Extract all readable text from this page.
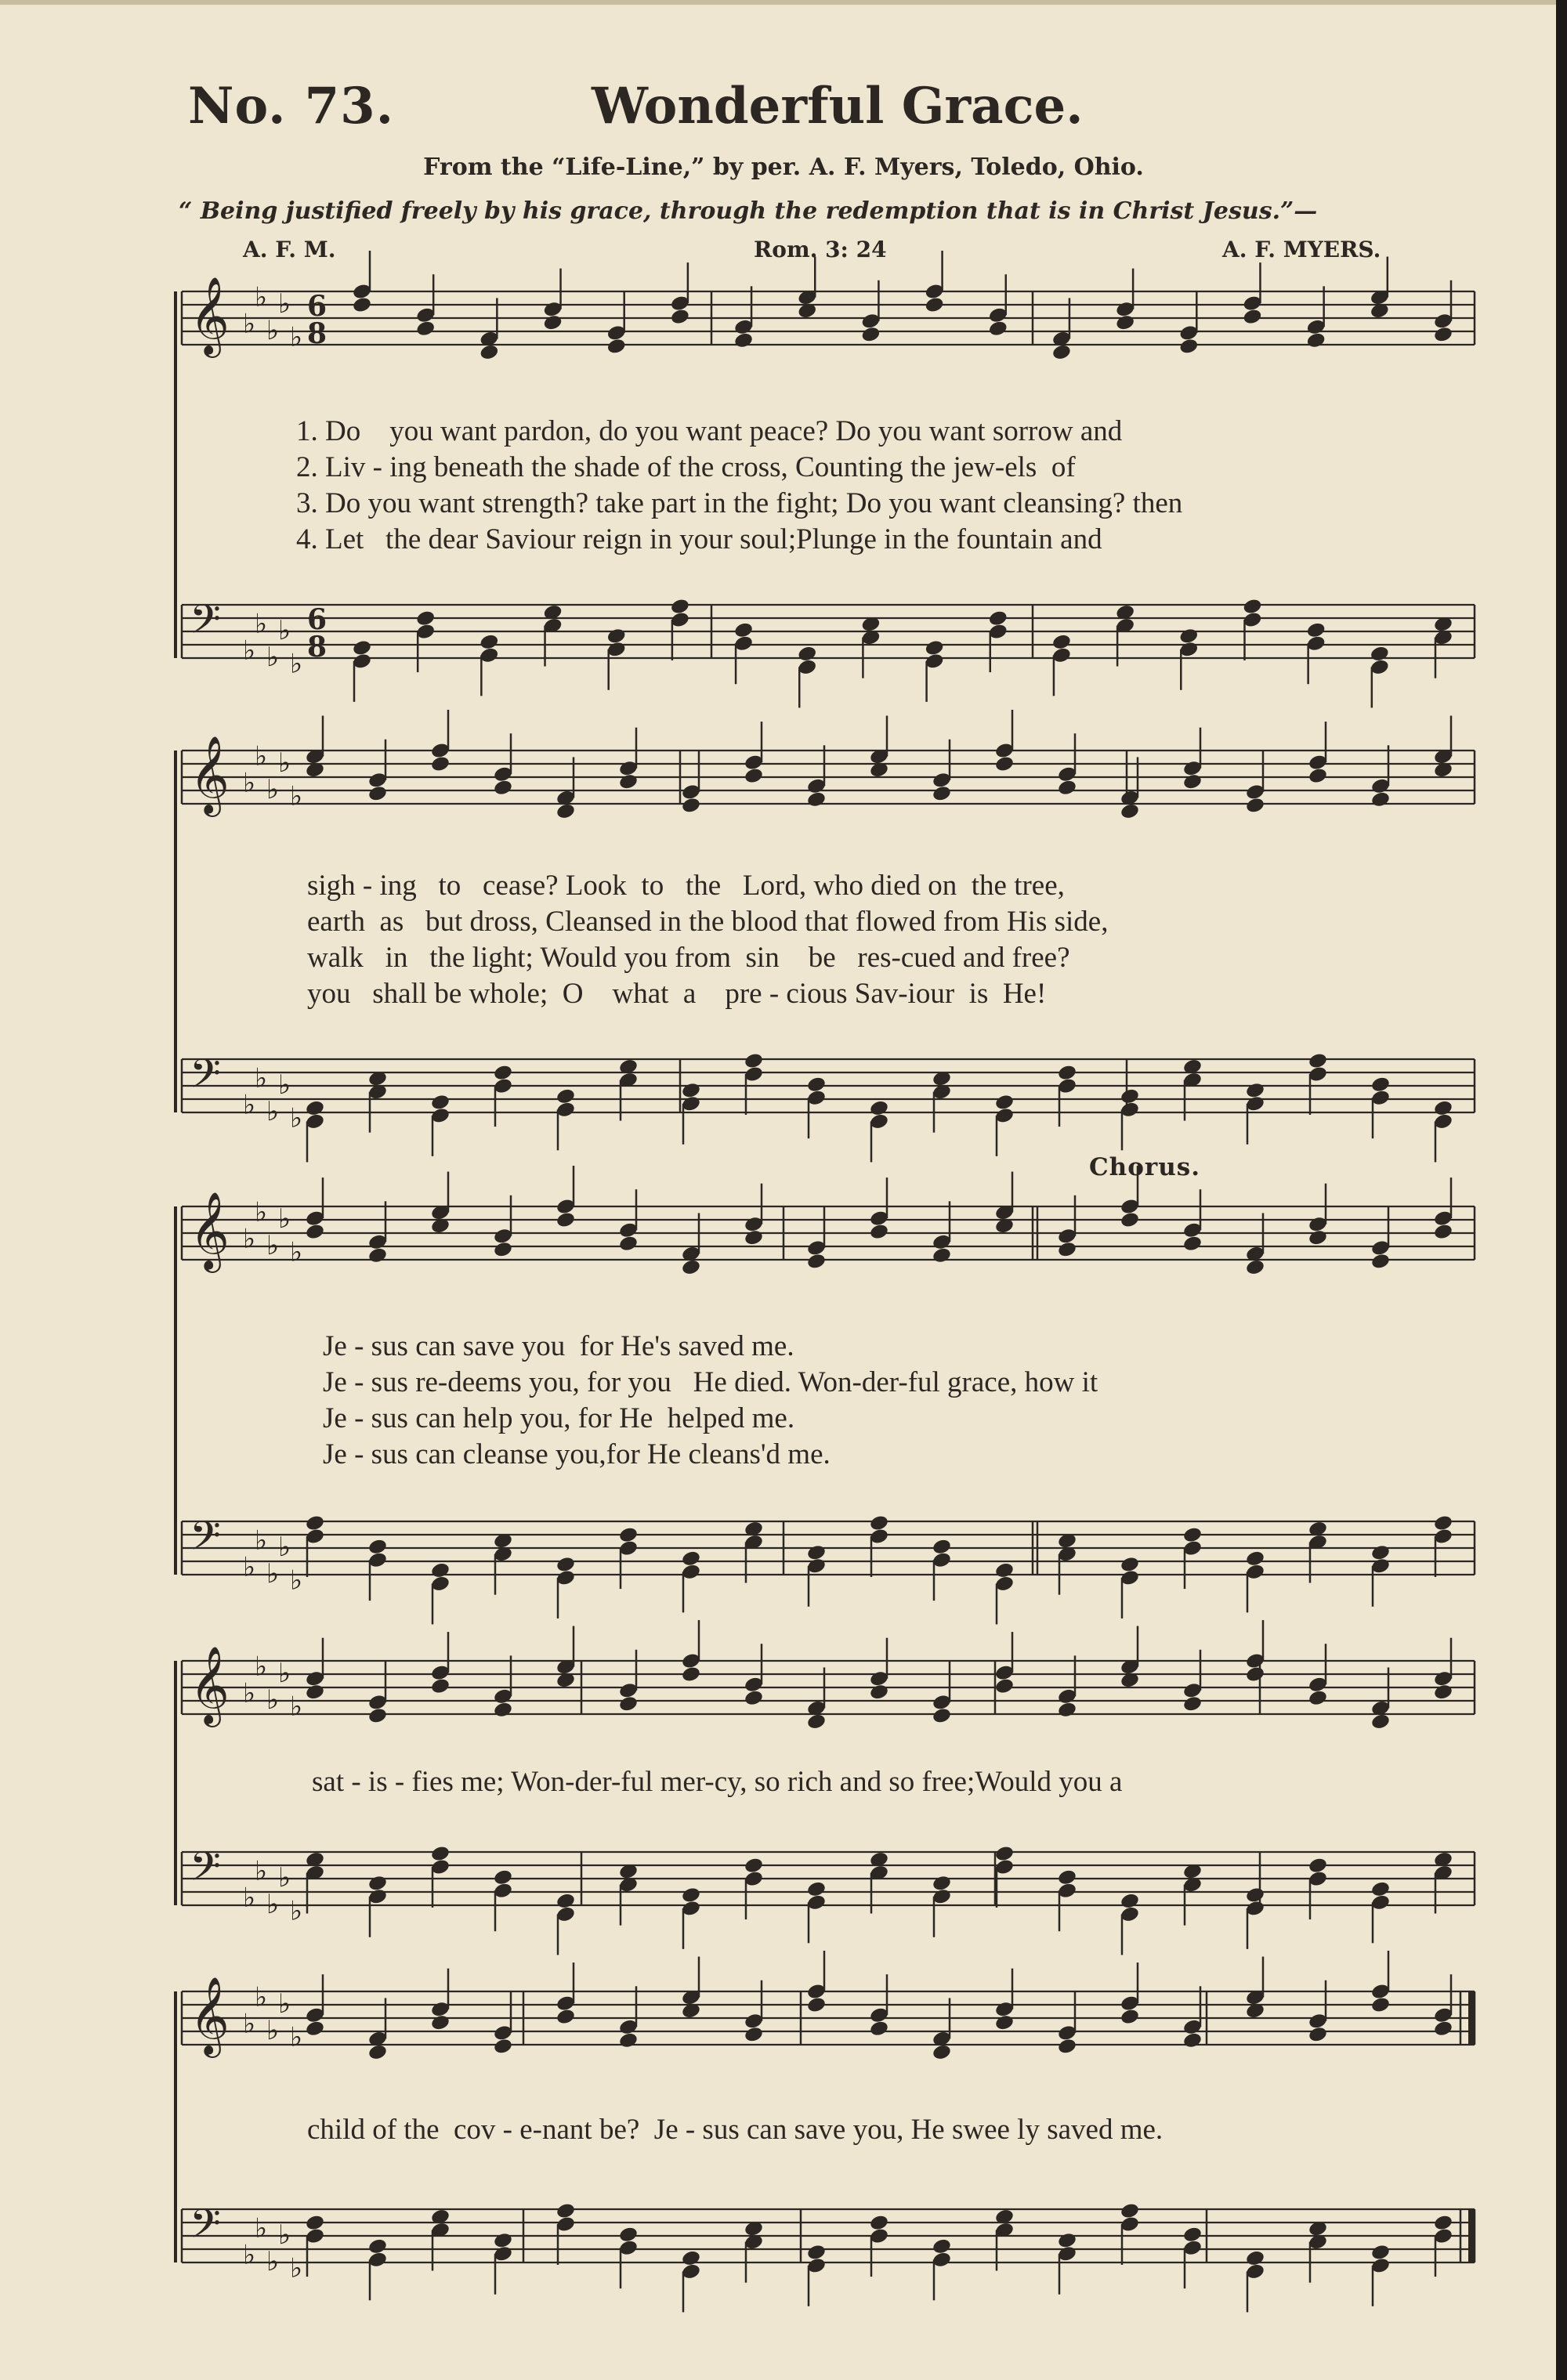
No. 73.	Wonderful Grace.
From the “Life-Line,” by per. A. F. Myers, Toledo, Ohio.
“ Being justified freely by his grace, through the redemption that is in Christ Jesus.”—
A. F. M.	Rom. 3: 24	A. F. MYERS.
Chorus.
1. Do    you want pardon, do you want peace? Do you want sorrow and
2. Liv - ing beneath the shade of the cross, Counting the jew-els  of
3. Do you want strength? take part in the fight; Do you want cleansing? then
4. Let   the dear Saviour reign in your soul;Plunge in the fountain and
sigh - ing   to   cease? Look  to   the   Lord, who died on  the tree,
earth  as   but dross, Cleansed in the blood that flowed from His side,
walk   in   the light; Would you from  sin    be   res-cued and free?
you   shall be whole;  O    what  a    pre - cious Sav-iour  is  He!
Je - sus can save you  for He's saved me.
Je - sus re-deems you, for you   He died. Won-der-ful grace, how it
Je - sus can help you, for He  helped me.
Je - sus can cleanse you,for He cleans'd me.
sat - is - fies me; Won-der-ful mer-cy, so rich and so free;Would you a
child of the  cov - e-nant be?  Je - sus can save you, He swee ly saved me.
𝄞 ♭
♭
♭
♭
♭
6
8
𝄢 ♭
♭
♭
♭
♭
6
8
𝄞 ♭
♭
♭
♭
♭
𝄢 ♭
♭
♭
♭
♭
𝄞 ♭
♭
♭
♭
♭
𝄢 ♭
♭
♭
♭
♭
𝄞 ♭
♭
♭
♭
♭
𝄢 ♭
♭
♭
♭
♭
𝄞 ♭
♭
♭
♭
♭
𝄢 ♭
♭
♭
♭
♭
